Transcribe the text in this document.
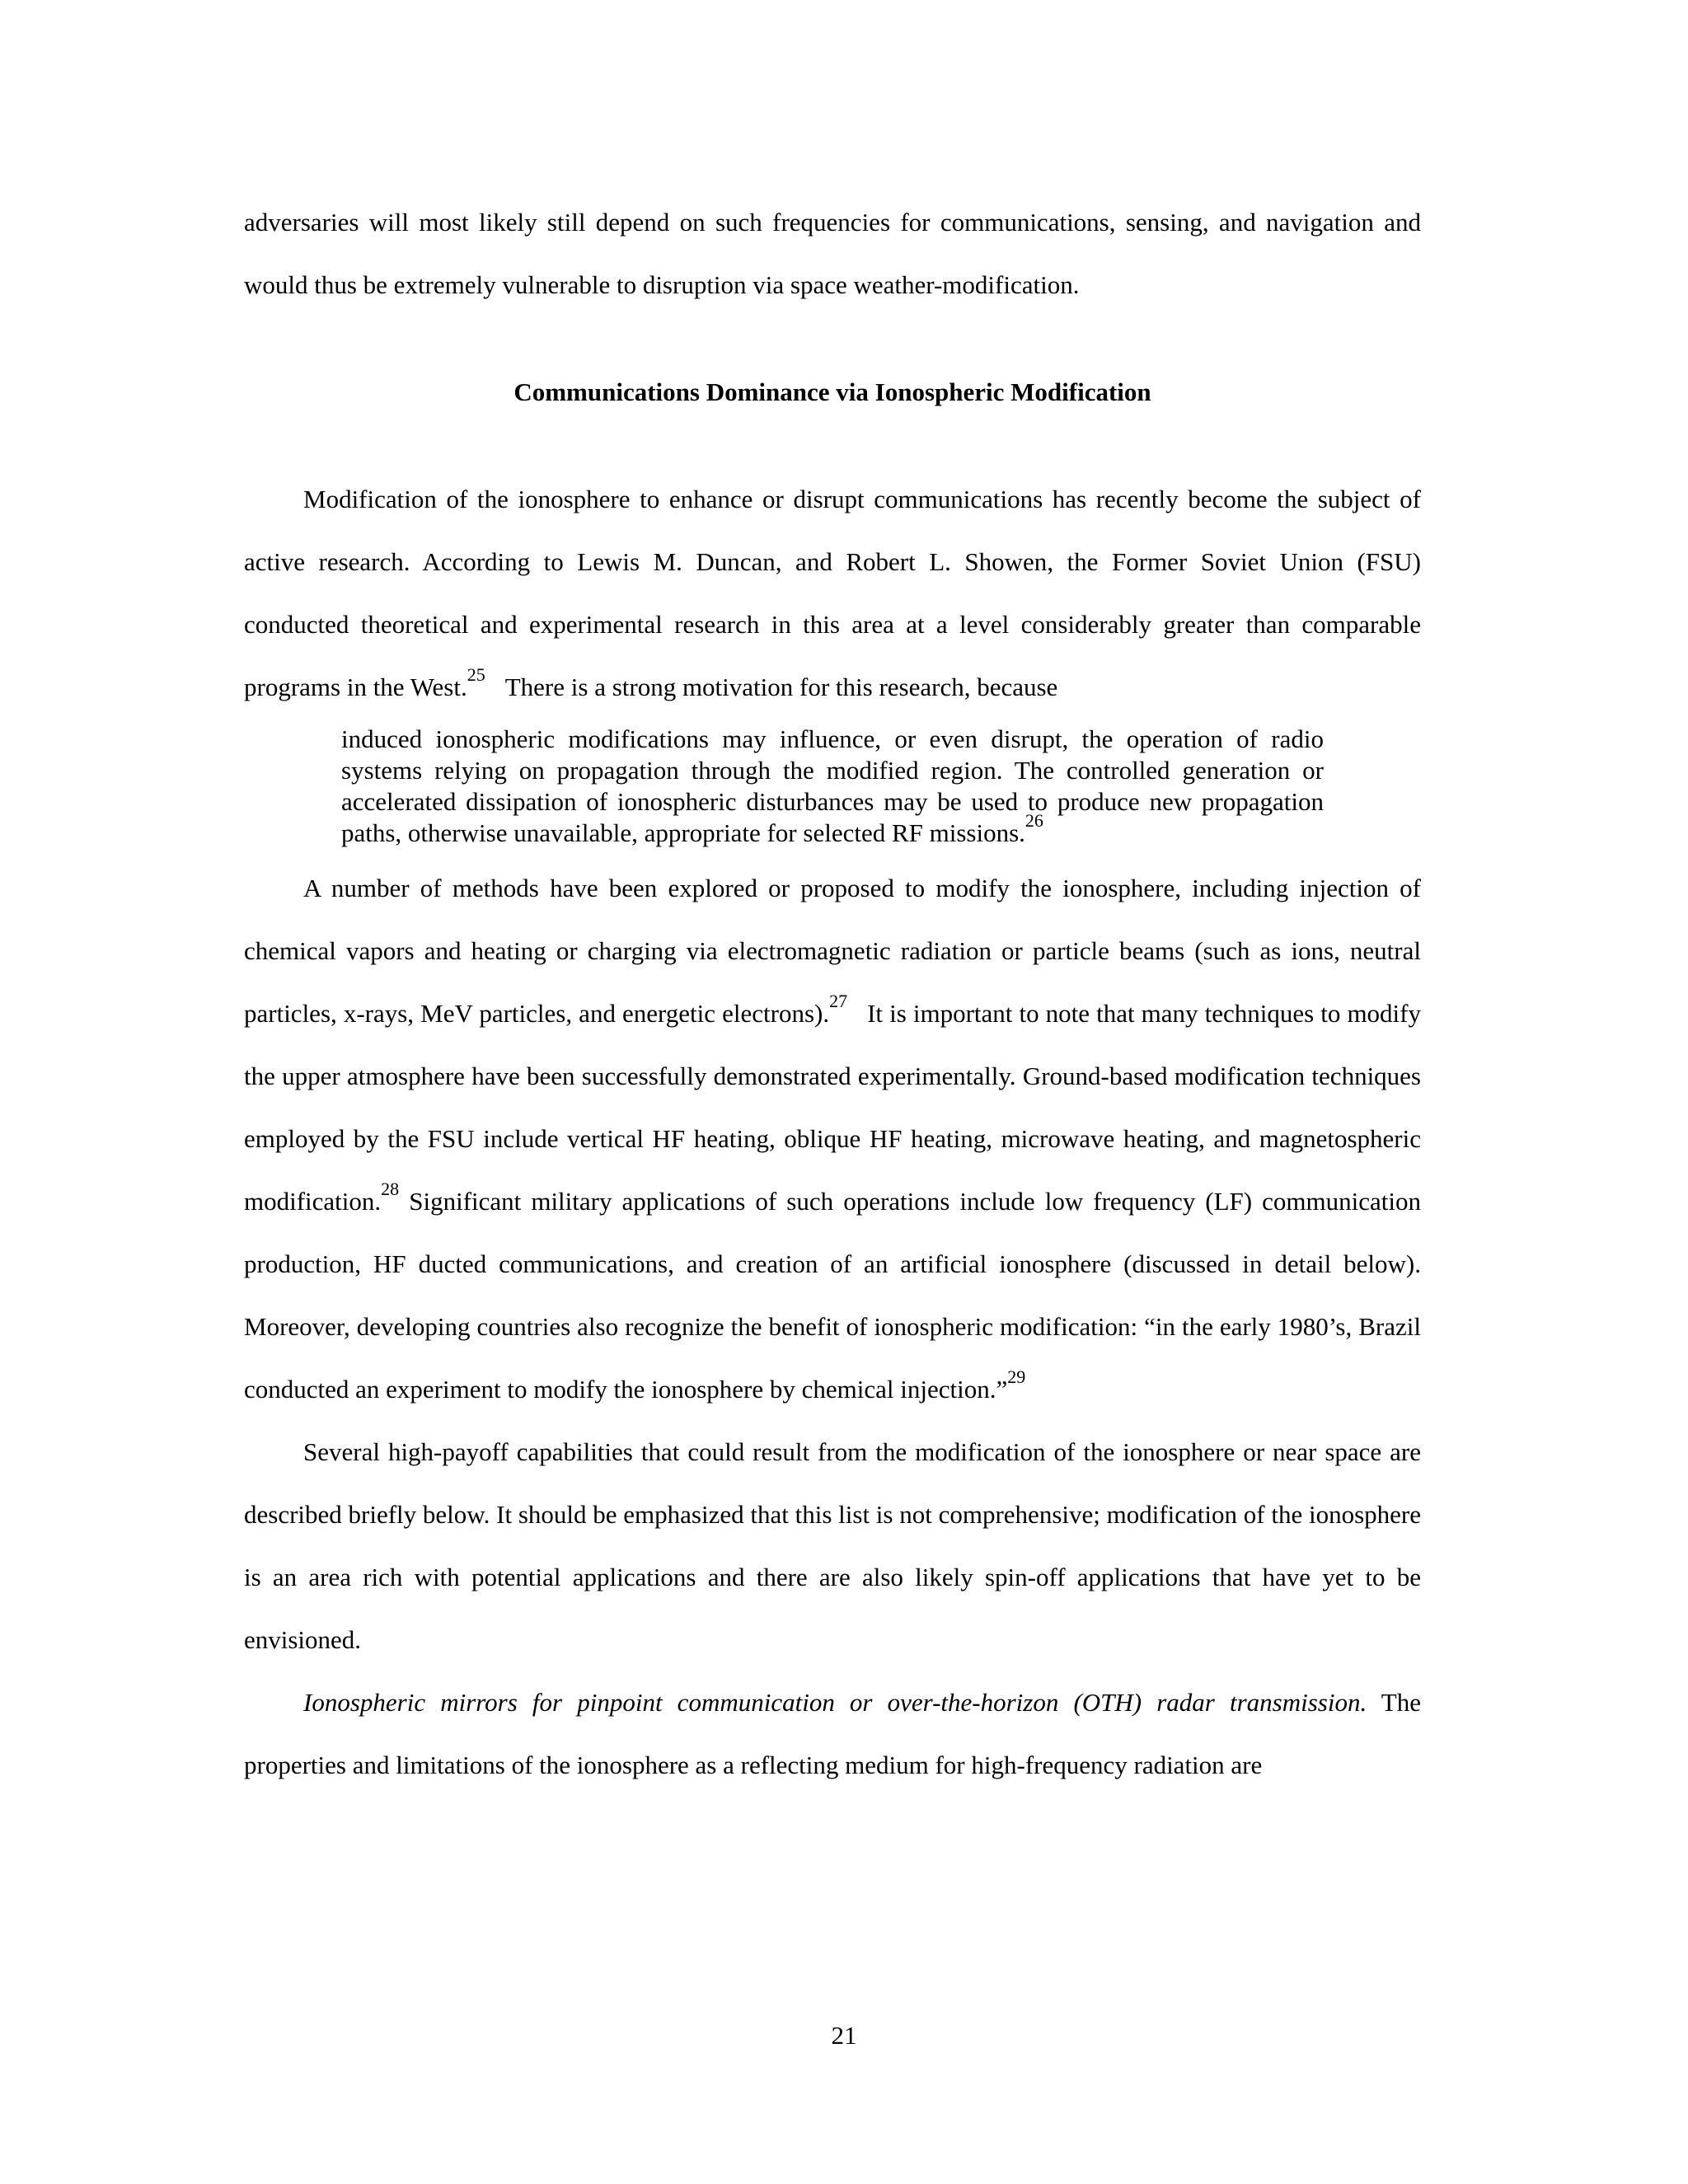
adversaries will most likely still depend on such frequencies for communications, sensing, and navigation and would thus be extremely vulnerable to disruption via space weather-modification.

Communications Dominance via Ionospheric Modification

Modification of the ionosphere to enhance or disrupt communications has recently become the subject of active research. According to Lewis M. Duncan, and Robert L. Showen, the Former Soviet Union (FSU) conducted theoretical and experimental research in this area at a level considerably greater than comparable programs in the West.$^{25}$ There is a strong motivation for this research, because

induced ionospheric modifications may influence, or even disrupt, the operation of radio systems relying on propagation through the modified region. The controlled generation or accelerated dissipation of ionospheric disturbances may be used to produce new propagation paths, otherwise unavailable, appropriate for selected RF missions.$^{26}$

A number of methods have been explored or proposed to modify the ionosphere, including injection of chemical vapors and heating or charging via electromagnetic radiation or particle beams (such as ions, neutral particles, x-rays, MeV particles, and energetic electrons).$^{27}$ It is important to note that many techniques to modify the upper atmosphere have been successfully demonstrated experimentally. Ground-based modification techniques employed by the FSU include vertical HF heating, oblique HF heating, microwave heating, and magnetospheric modification.$^{28}$ Significant military applications of such operations include low frequency (LF) communication production, HF ducted communications, and creation of an artificial ionosphere (discussed in detail below). Moreover, developing countries also recognize the benefit of ionospheric modification: “in the early 1980’s, Brazil conducted an experiment to modify the ionosphere by chemical injection.”$^{29}$

Several high-payoff capabilities that could result from the modification of the ionosphere or near space are described briefly below. It should be emphasized that this list is not comprehensive; modification of the ionosphere is an area rich with potential applications and there are also likely spin-off applications that have yet to be envisioned.

Ionospheric mirrors for pinpoint communication or over-the-horizon (OTH) radar transmission. The properties and limitations of the ionosphere as a reflecting medium for high-frequency radiation are

21
